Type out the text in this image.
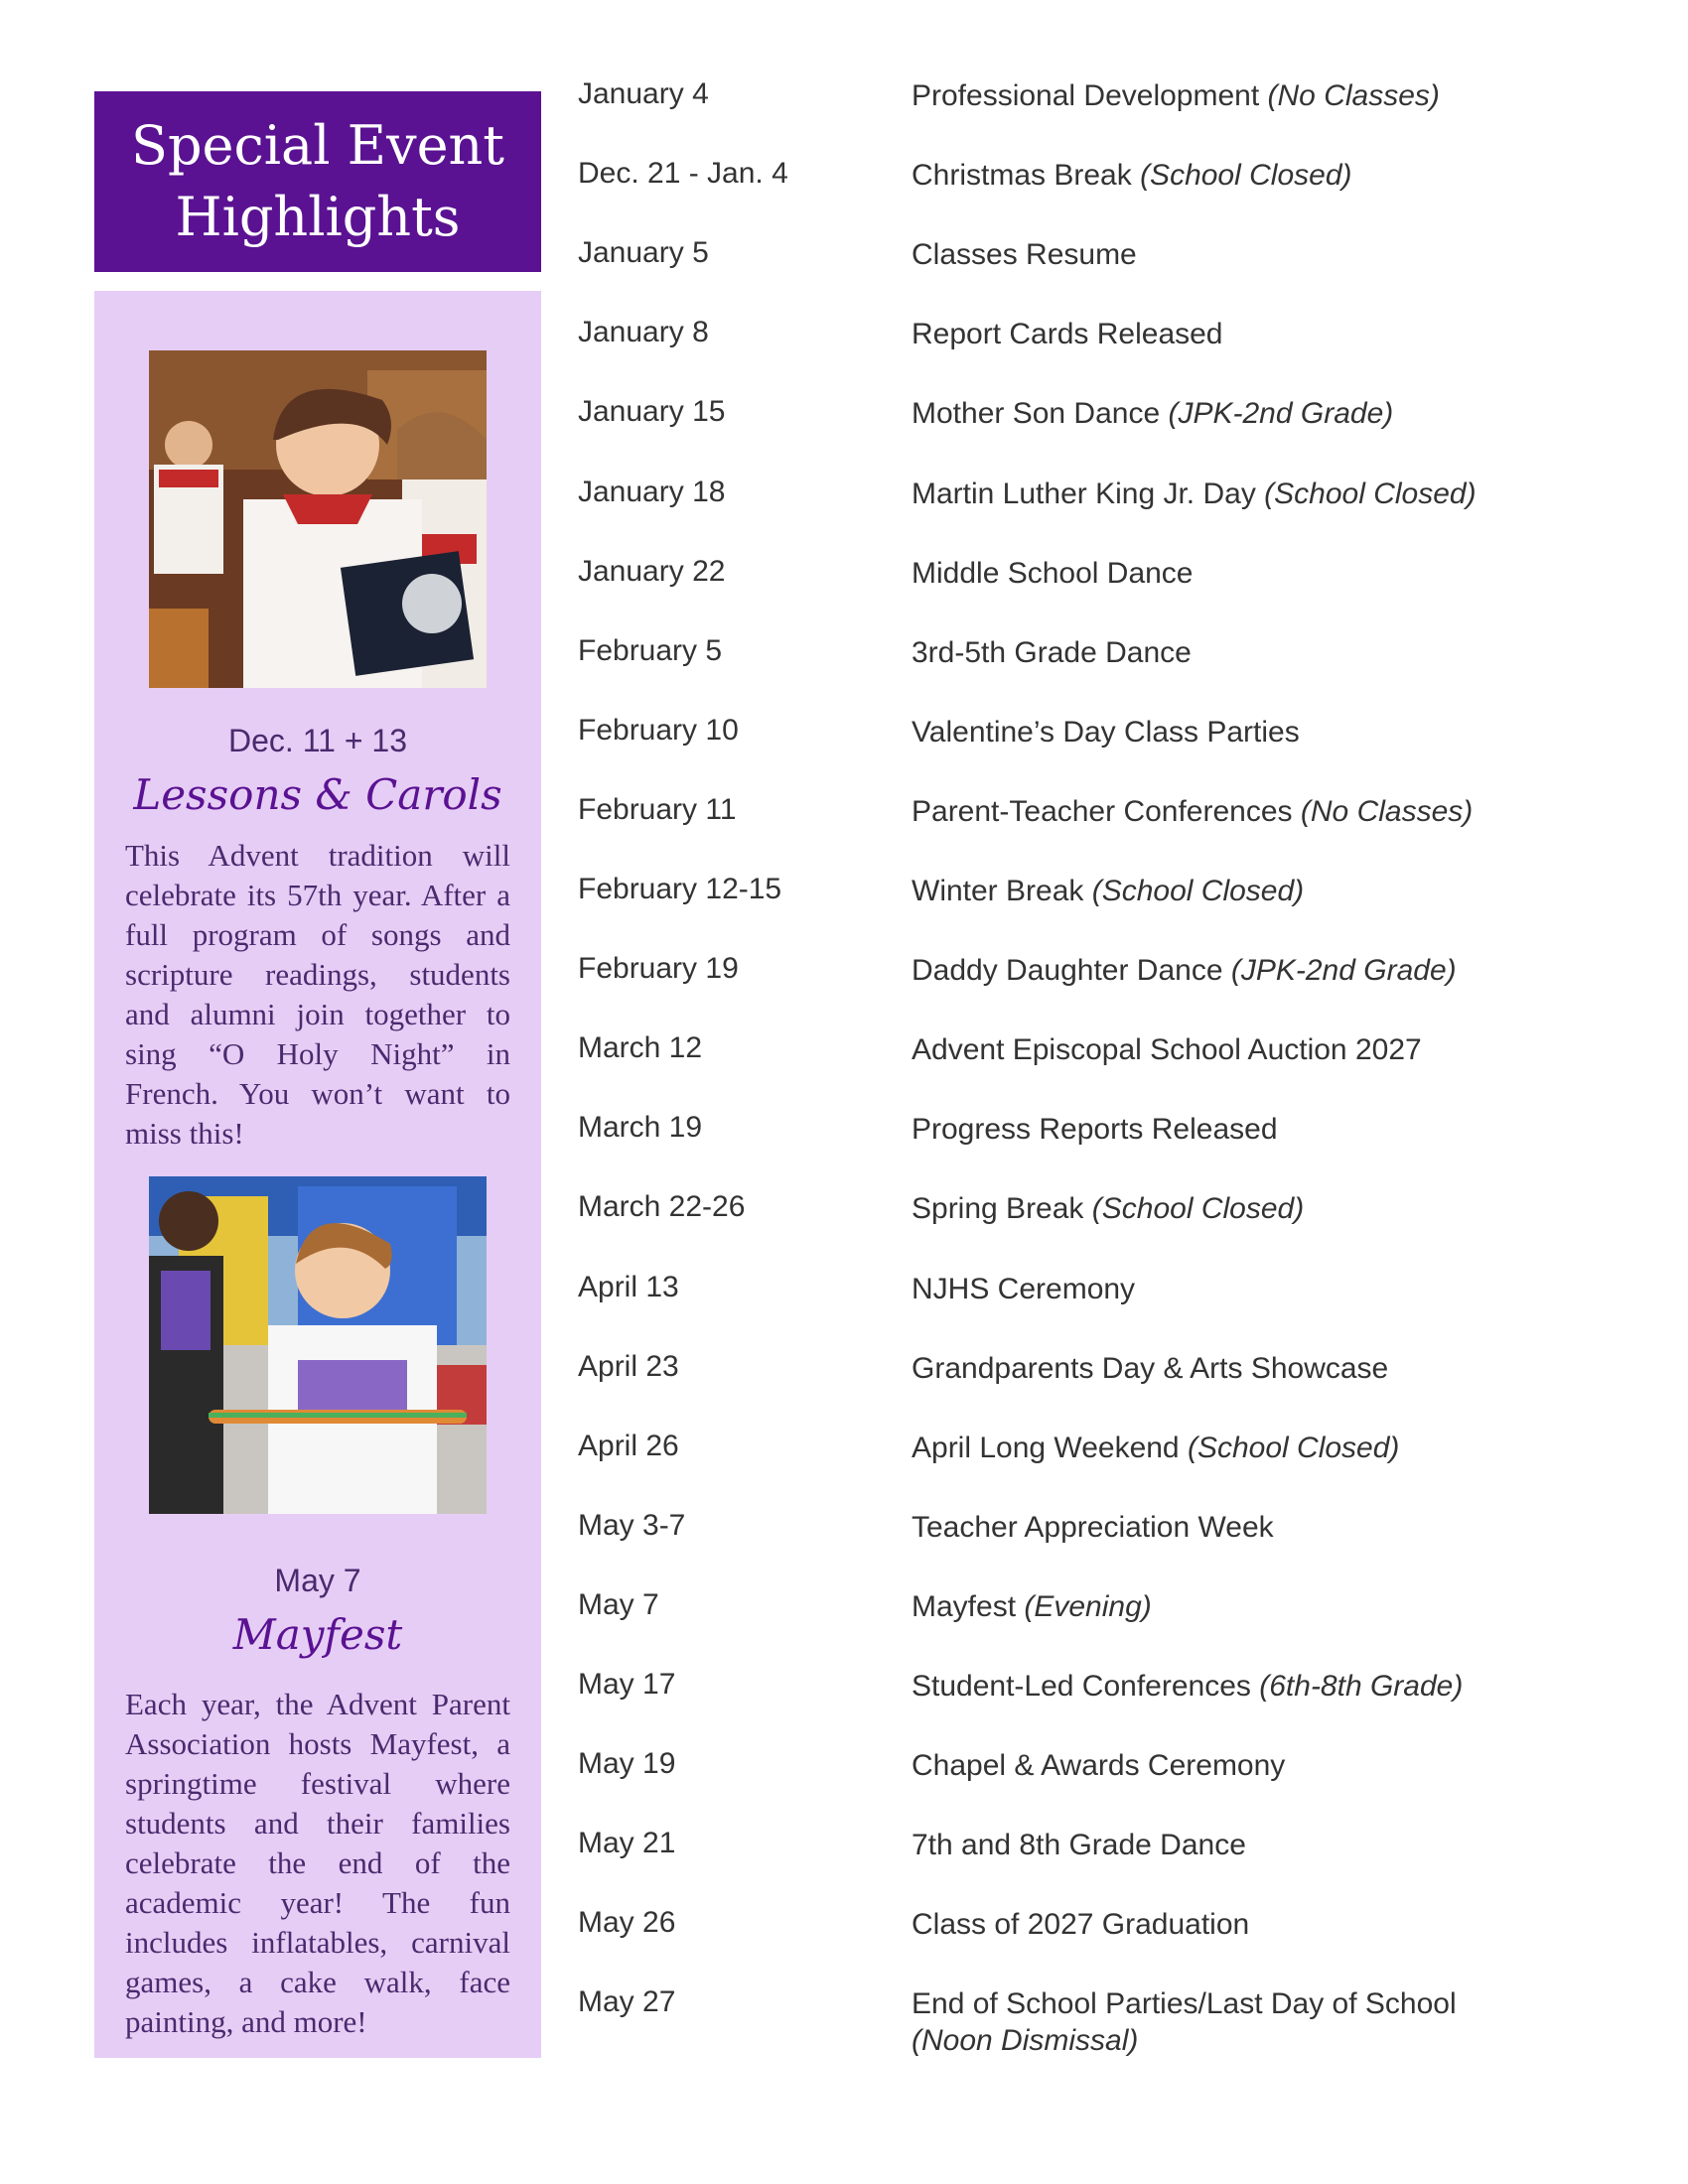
Special Event
Highlights
Dec. 11 + 13
Lessons & Carols

This Advent tradition will celebrate its 57th year. After a full program of songs and scripture readings, students and alumni join together to sing “O Holy Night” in French. You won’t want to miss this!

May 7
Mayfest

Each year, the Advent Parent Association hosts Mayfest, a springtime festival where students and their families celebrate the end of the academic year! The fun includes inflatables, carnival games, a cake walk, face painting, and more!

January 4	Professional Development (No Classes)
Dec. 21 - Jan. 4	Christmas Break (School Closed)
January 5	Classes Resume
January 8	Report Cards Released
January 15	Mother Son Dance (JPK-2nd Grade)
January 18	Martin Luther King Jr. Day (School Closed)
January 22	Middle School Dance
February 5	3rd-5th Grade Dance
February 10	Valentine’s Day Class Parties
February 11	Parent-Teacher Conferences (No Classes)
February 12-15	Winter Break (School Closed)
February 19	Daddy Daughter Dance (JPK-2nd Grade)
March 12	Advent Episcopal School Auction 2027
March 19	Progress Reports Released
March 22-26	Spring Break (School Closed)
April 13	NJHS Ceremony
April 23	Grandparents Day & Arts Showcase
April 26	April Long Weekend (School Closed)
May 3-7	Teacher Appreciation Week
May 7	Mayfest (Evening)
May 17	Student-Led Conferences (6th-8th Grade)
May 19	Chapel & Awards Ceremony
May 21	7th and 8th Grade Dance
May 26	Class of 2027 Graduation
May 27	End of School Parties/Last Day of School
(Noon Dismissal)
